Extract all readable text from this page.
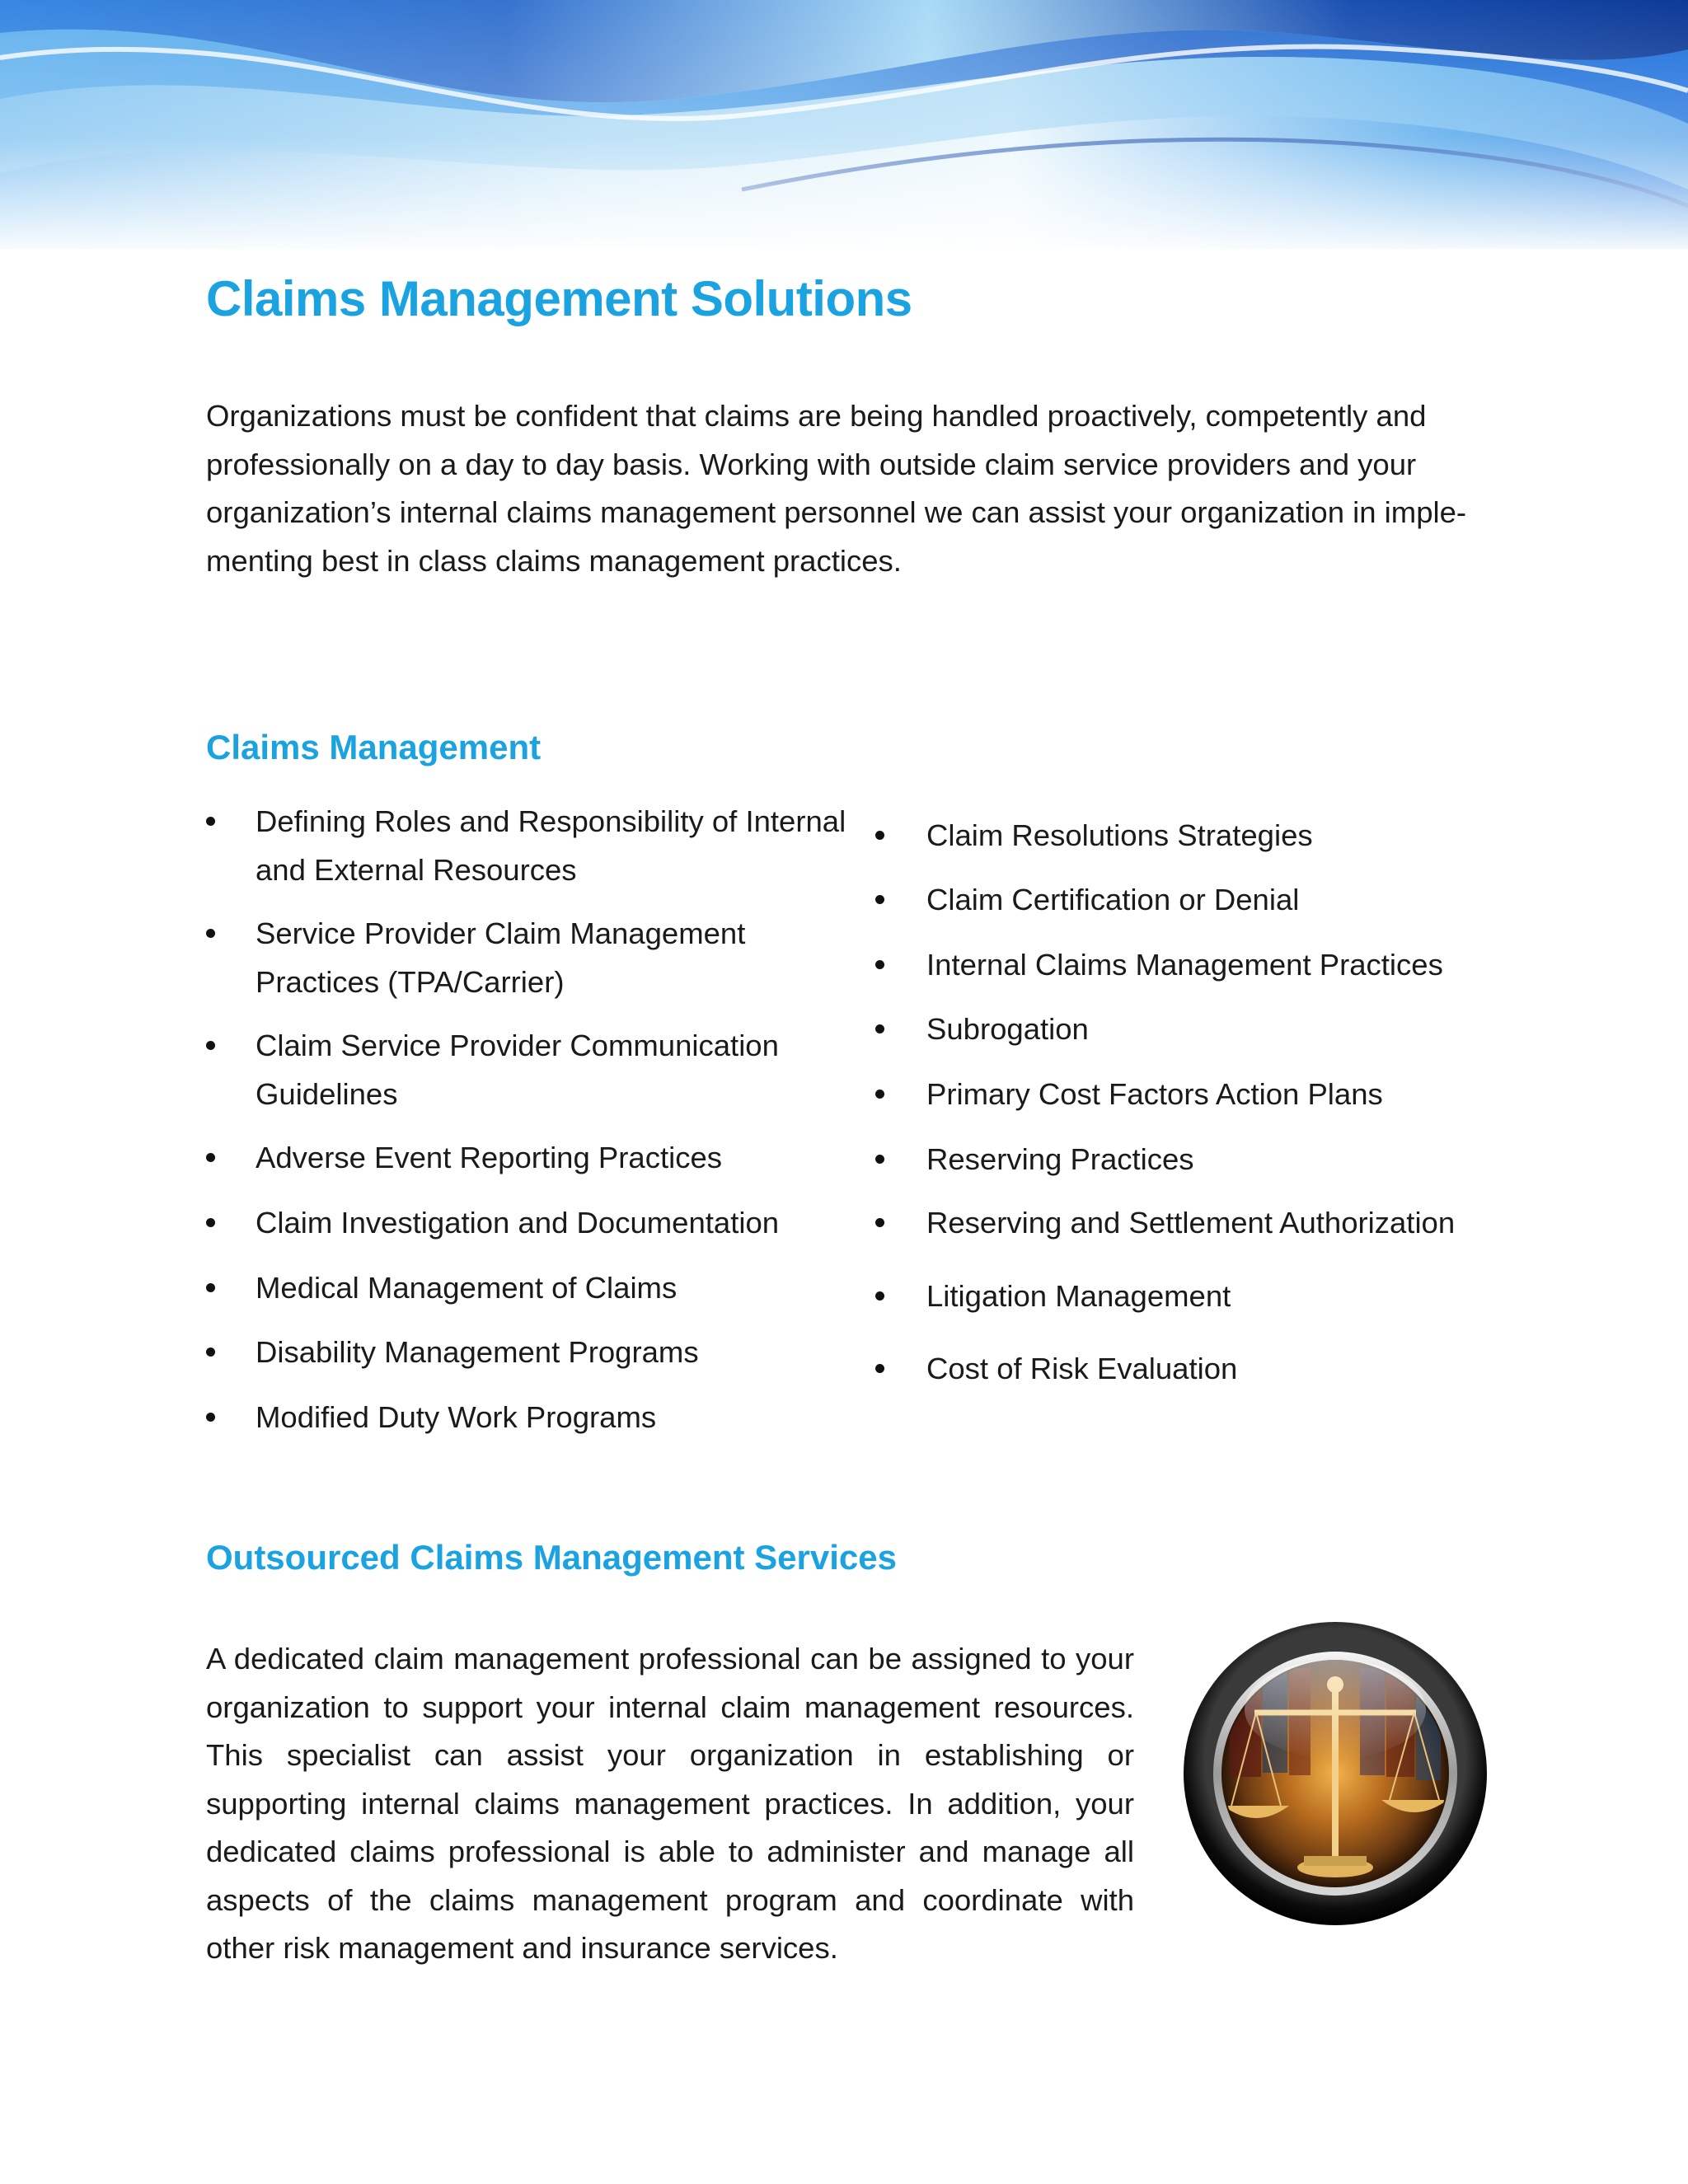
Claims Management Solutions

Organizations must be confident that claims are being handled proactively, competently and professionally on a day to day basis. Working with outside claim service providers and your organization’s internal claims management personnel we can assist your organization in imple-menting best in class claims management practices.

Claims Management
Defining Roles and Responsibility of Internal and External Resources
Service Provider Claim Management Practices (TPA/Carrier)
Claim Service Provider Communication Guidelines
Adverse Event Reporting Practices
Claim Investigation and Documentation
Medical Management of Claims
Disability Management Programs
Modified Duty Work Programs
Claim Resolutions Strategies
Claim Certification or Denial
Internal Claims Management Practices
Subrogation
Primary Cost Factors Action Plans
Reserving Practices
Reserving and Settlement Authorization
Litigation Management
Cost of Risk Evaluation
Outsourced Claims Management Services

A dedicated claim management professional can be assigned to your organization to support your internal claim management resources. This specialist can assist your organization in establishing or supporting internal claims management practices. In addition, your dedicated claims professional is able to administer and manage all aspects of the claims management program and coordinate with other risk management and insurance services.
